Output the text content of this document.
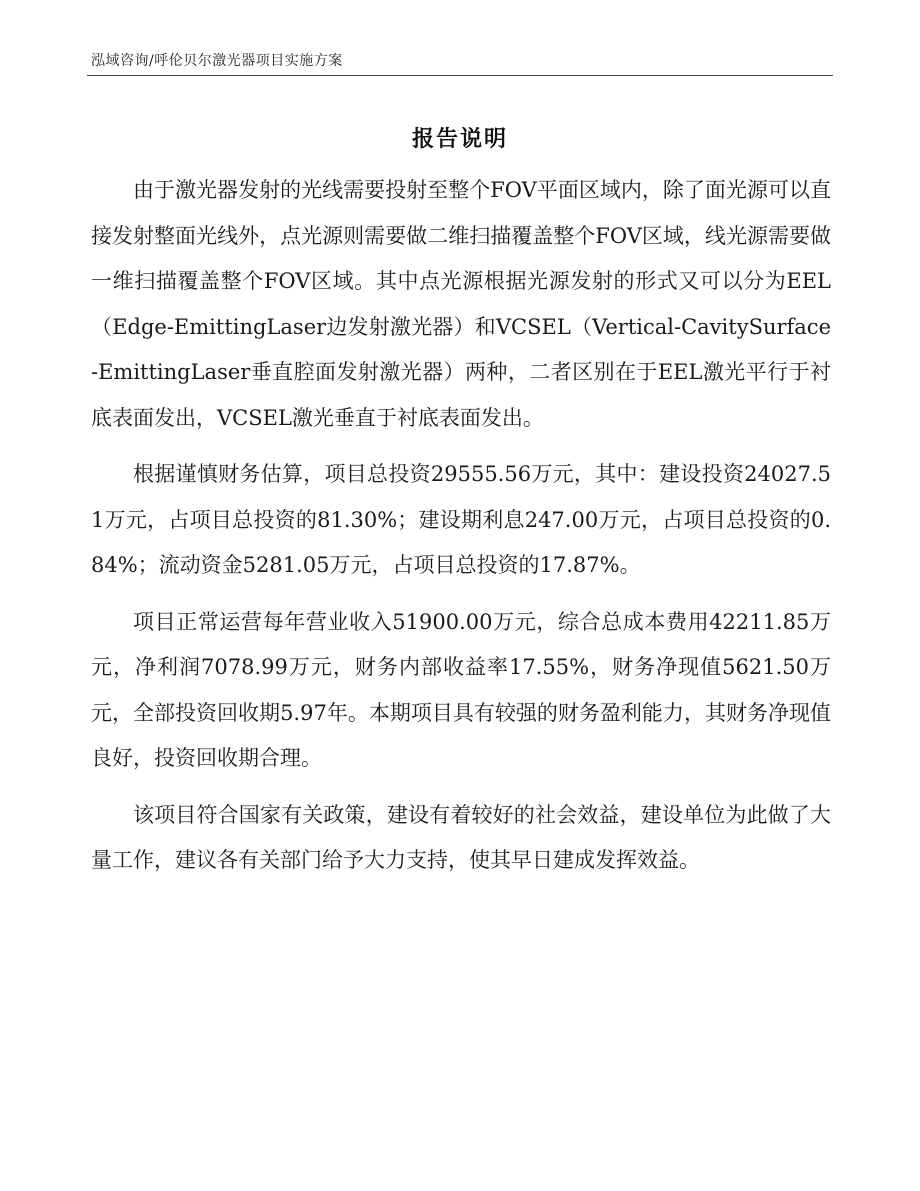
泓域咨询/呼伦贝尔激光器项目实施方案
报告说明

由于激光器发射的光线需要投射至整个FOV平面区域内，除了面光源可以直接发射整面光线外，点光源则需要做二维扫描覆盖整个FOV区域，线光源需要做一维扫描覆盖整个FOV区域。其中点光源根据光源发射的形式又可以分为EEL（Edge-EmittingLaser边发射激光器）和VCSEL（Vertical-CavitySurface-EmittingLaser垂直腔面发射激光器）两种，二者区别在于EEL激光平行于衬底表面发出，VCSEL激光垂直于衬底表面发出。

根据谨慎财务估算，项目总投资29555.56万元，其中：建设投资24027.51万元，占项目总投资的81.30%；建设期利息247.00万元，占项目总投资的0.84%；流动资金5281.05万元，占项目总投资的17.87%。

项目正常运营每年营业收入51900.00万元，综合总成本费用42211.85万元，净利润7078.99万元，财务内部收益率17.55%，财务净现值5621.50万元，全部投资回收期5.97年。本期项目具有较强的财务盈利能力，其财务净现值良好，投资回收期合理。

该项目符合国家有关政策，建设有着较好的社会效益，建设单位为此做了大量工作，建议各有关部门给予大力支持，使其早日建成发挥效益。
